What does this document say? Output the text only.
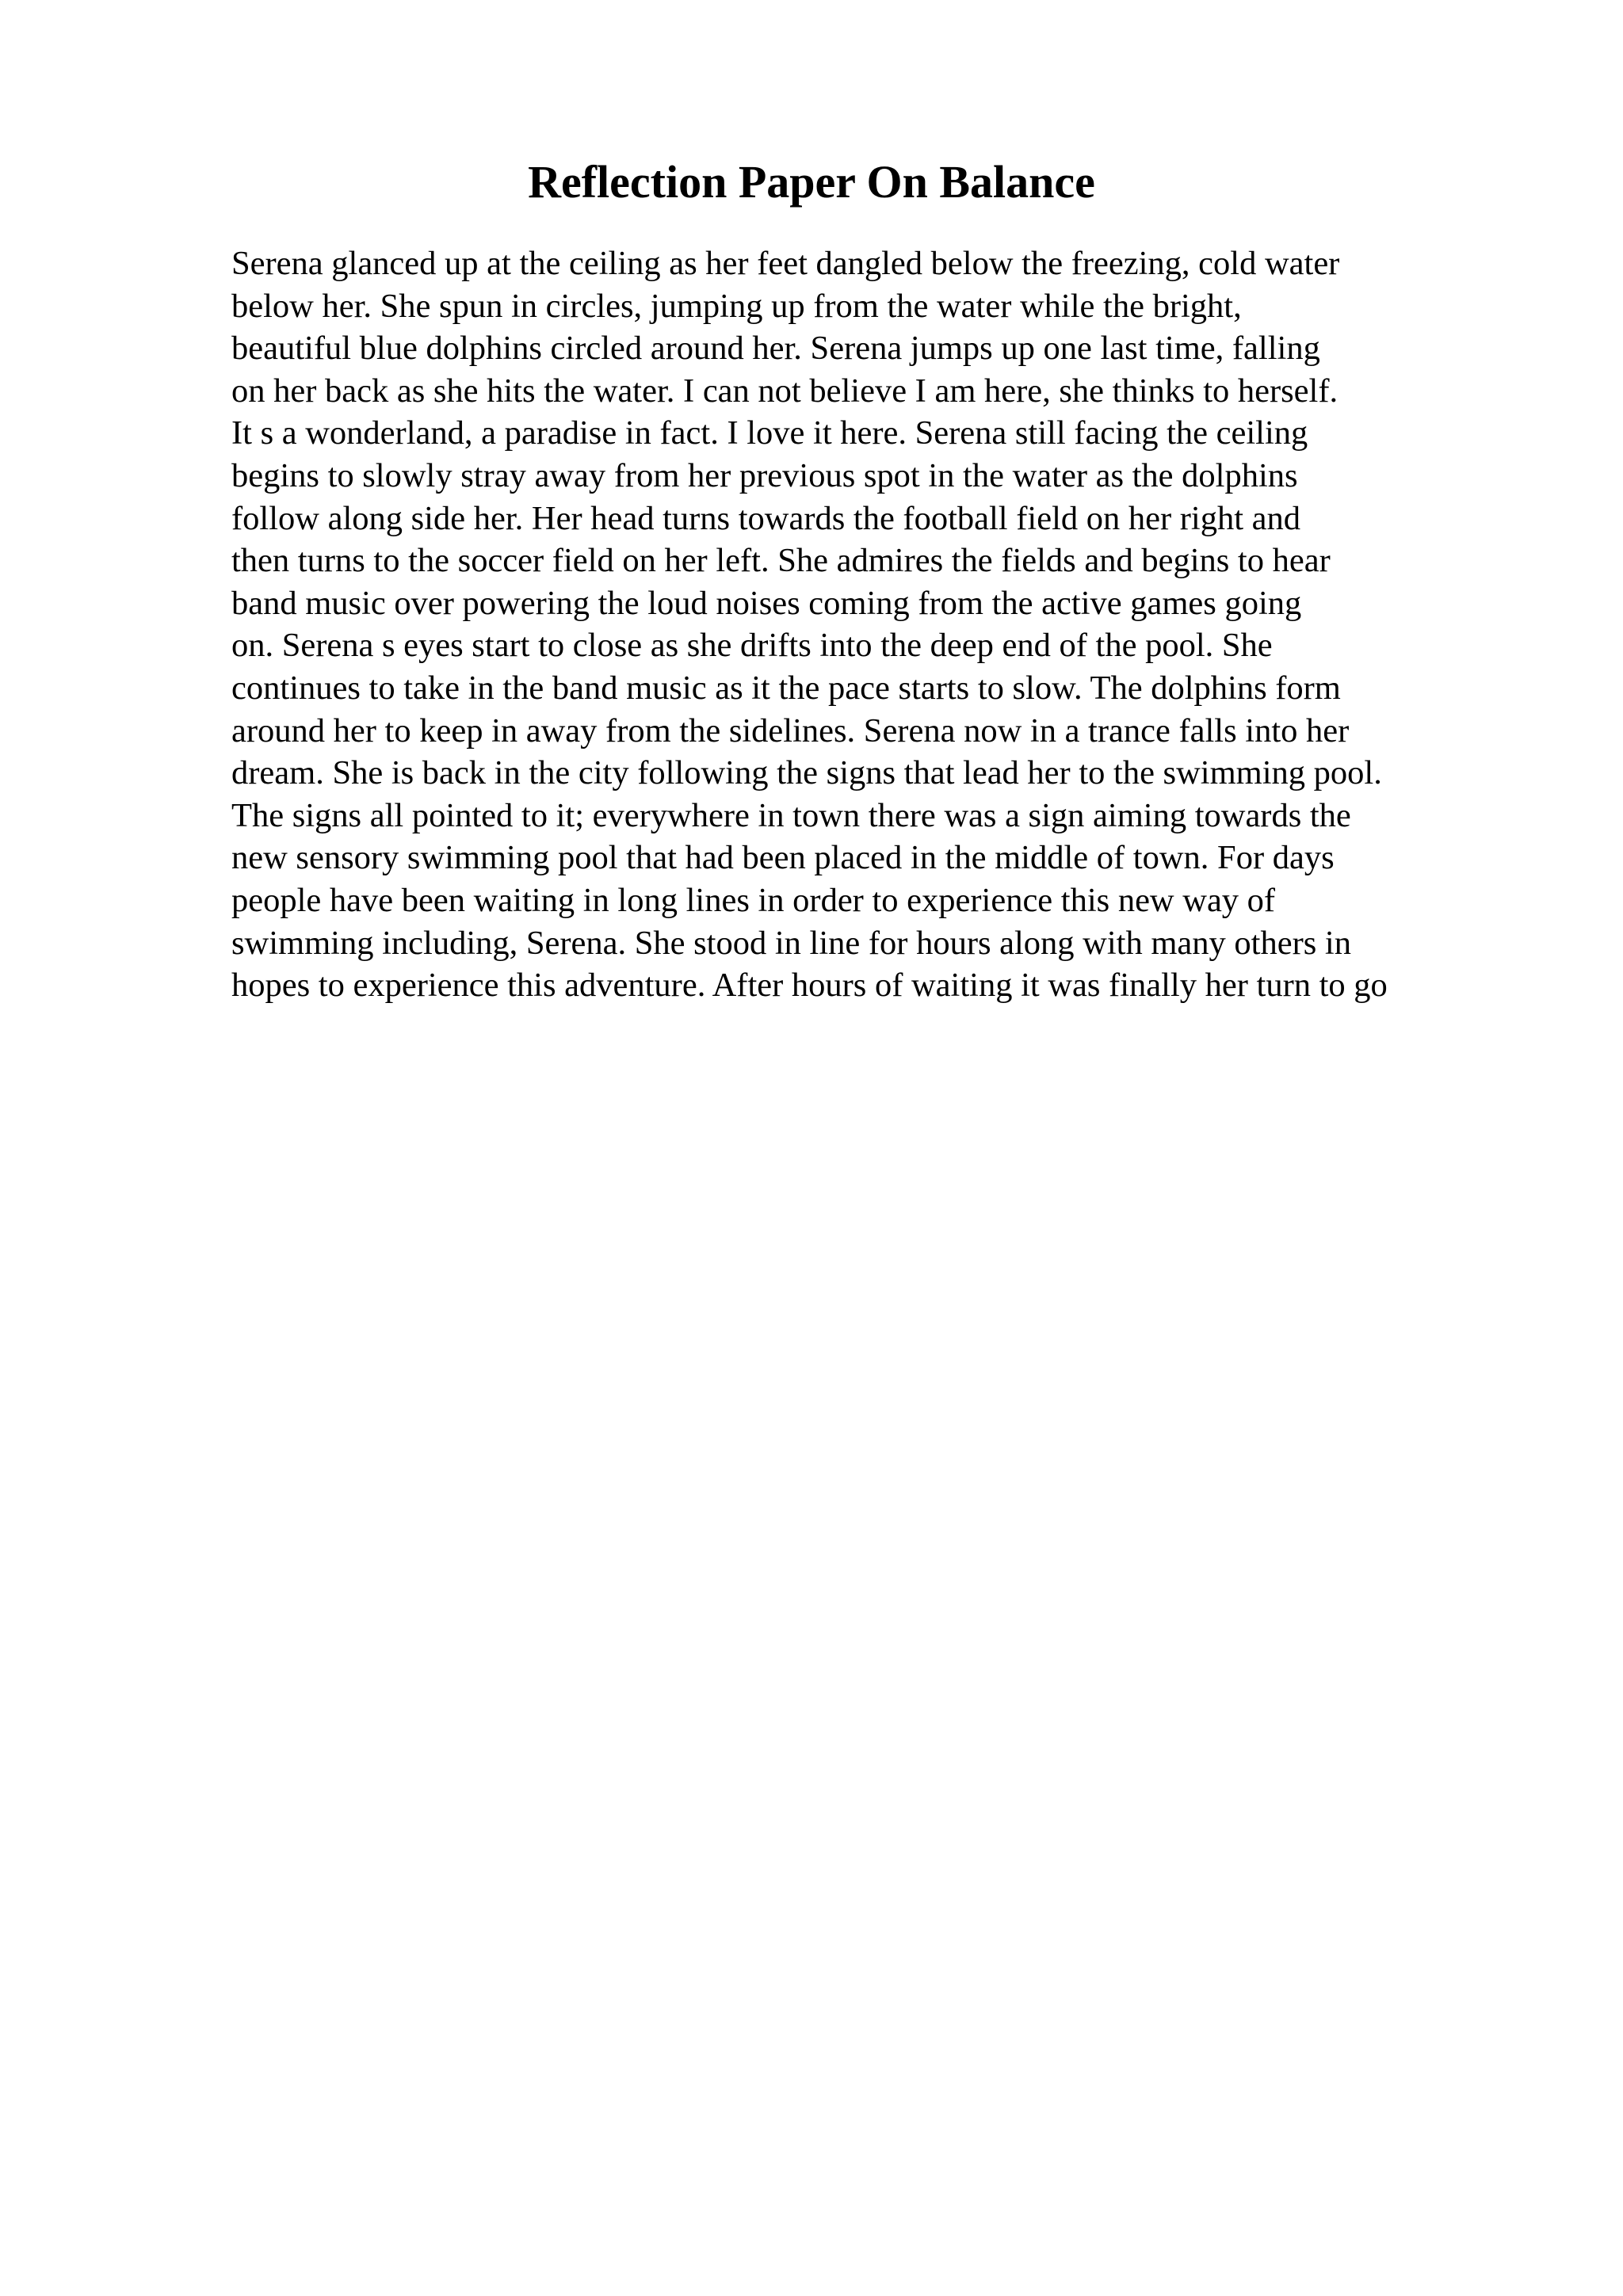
Reflection Paper On Balance
Serena glanced up at the ceiling as her feet dangled below the freezing, cold water
below her. She spun in circles, jumping up from the water while the bright,
beautiful blue dolphins circled around her. Serena jumps up one last time, falling
on her back as she hits the water. I can not believe I am here, she thinks to herself.
It s a wonderland, a paradise in fact. I love it here. Serena still facing the ceiling
begins to slowly stray away from her previous spot in the water as the dolphins
follow along side her. Her head turns towards the football field on her right and
then turns to the soccer field on her left. She admires the fields and begins to hear
band music over powering the loud noises coming from the active games going
on. Serena s eyes start to close as she drifts into the deep end of the pool. She
continues to take in the band music as it the pace starts to slow. The dolphins form
around her to keep in away from the sidelines. Serena now in a trance falls into her
dream. She is back in the city following the signs that lead her to the swimming pool.
The signs all pointed to it; everywhere in town there was a sign aiming towards the
new sensory swimming pool that had been placed in the middle of town. For days
people have been waiting in long lines in order to experience this new way of
swimming including, Serena. She stood in line for hours along with many others in
hopes to experience this adventure. After hours of waiting it was finally her turn to go
